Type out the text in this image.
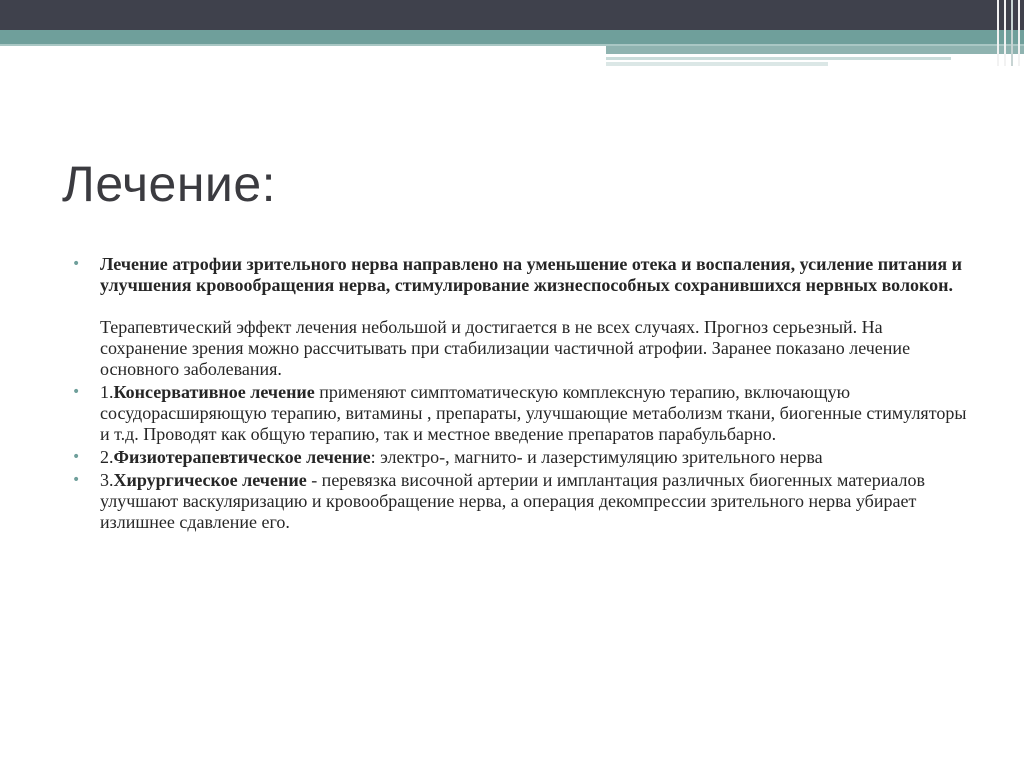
Лечение:
• Лечение атрофии зрительного нерва направлено на уменьшение отека и воспаления, усиление питания и улучшения кровообращения нерва, стимулирование жизнеспособных сохранившихся нервных волокон.
Терапевтический эффект лечения небольшой и достигается в не всех случаях. Прогноз серьезный. На сохранение зрения можно рассчитывать при стабилизации частичной атрофии. Заранее показано лечение основного заболевания.
• 1.Консервативное лечение применяют симптоматическую комплексную терапию, включающую сосудорасширяющую терапию, витамины , препараты, улучшающие метаболизм ткани, биогенные стимуляторы и т.д. Проводят как общую терапию, так и местное введение препаратов парабульбарно.
• 2.Физиотерапевтическое лечение: электро-, магнито- и лазерстимуляцию зрительного нерва
• 3.Хирургическое лечение - перевязка височной артерии и имплантация различных биогенных материалов улучшают васкуляризацию и кровообращение нерва, а операция декомпрессии зрительного нерва убирает излишнее сдавление его.
